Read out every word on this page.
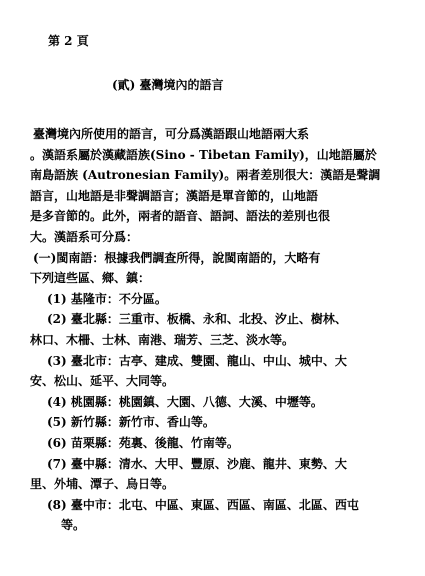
第 2 頁
(貳) 臺灣境內的語言
臺灣境內所使用的語言，可分爲漢語跟山地語兩大系
。漢語系屬於漢藏語族(Sino - Tibetan Family)，山地語屬於
南島語族 (Autronesian Family)。兩者差別很大：漢語是聲調
語言，山地語是非聲調語言；漢語是單音節的，山地語
是多音節的。此外，兩者的語音、語詞、語法的差別也很
大。漢語系可分爲：
(一)閩南語：根據我們調查所得，說閩南語的，大略有
下列這些區、鄉、鎮：
(1) 基隆市：不分區。
(2) 臺北縣：三重市、板橋、永和、北投、汐止、樹林、
林口、木柵、士林、南港、瑞芳、三芝、淡水等。
(3) 臺北市：古亭、建成、雙園、龍山、中山、城中、大
安、松山、延平、大同等。
(4) 桃園縣：桃園鎮、大園、八德、大溪、中壢等。
(5) 新竹縣：新竹市、香山等。
(6) 苗栗縣：苑裏、後龍、竹南等。
(7) 臺中縣：清水、大甲、豐原、沙鹿、龍井、東勢、大
里、外埔、潭子、烏日等。
(8) 臺中市：北屯、中區、東區、西區、南區、北區、西屯
等。
